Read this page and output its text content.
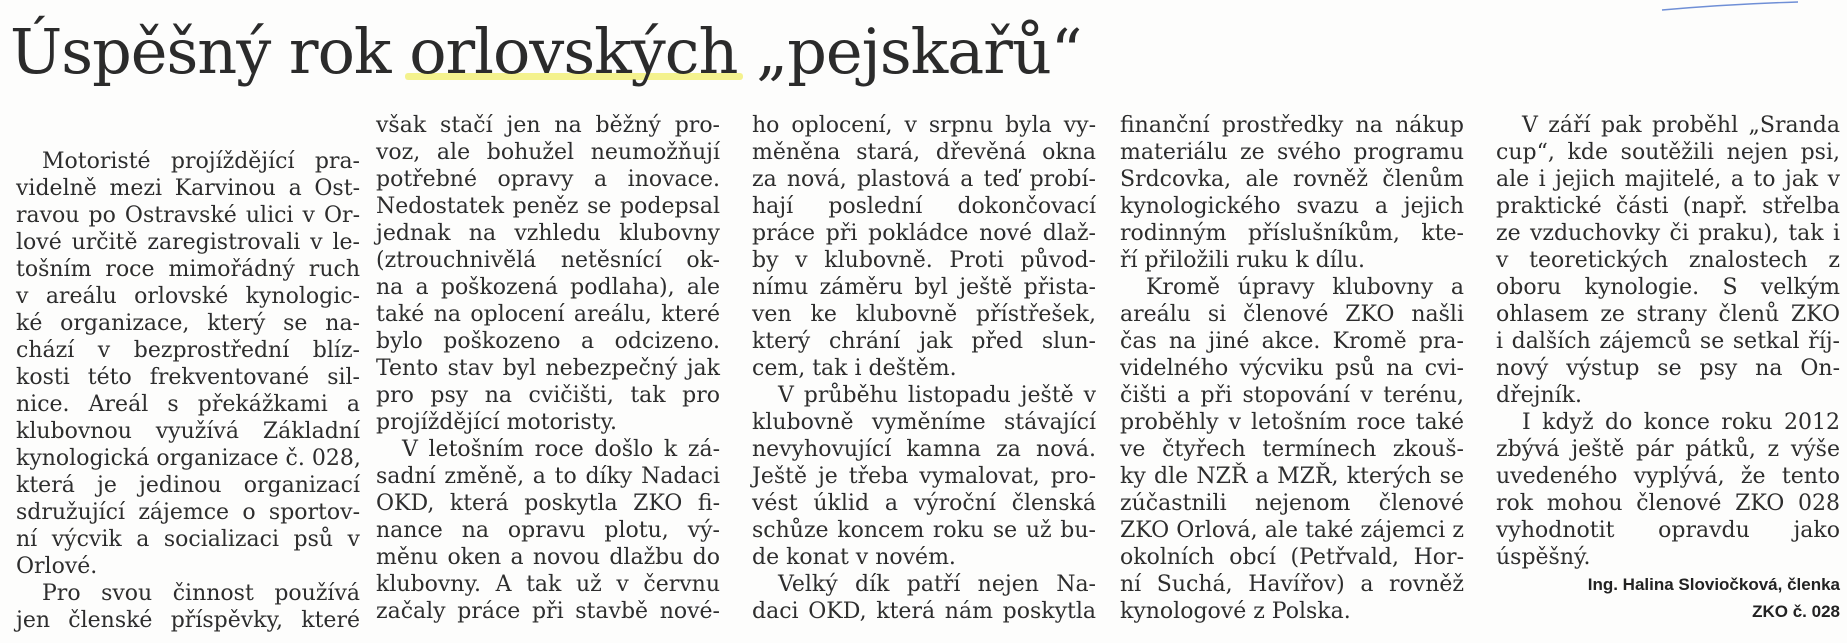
Úspěšný rok orlovských „pejskařů“
Motoristé projíždějící pra-
videlně mezi Karvinou a Ost-
ravou po Ostravské ulici v Or-
lové určitě zaregistrovali v le-
tošním roce mimořádný ruch
v areálu orlovské kynologic-
ké organizace, který se na-
chází v bezprostřední blíz-
kosti této frekventované sil-
nice. Areál s překážkami a
klubovnou využívá Základní
kynologická organizace č. 028,
která je jedinou organizací
sdružující zájemce o sportov-
ní výcvik a socializaci psů v
Orlové.
Pro svou činnost používá
jen členské příspěvky, které
však stačí jen na běžný pro-
voz, ale bohužel neumožňují
potřebné opravy a inovace.
Nedostatek peněz se podepsal
jednak na vzhledu klubovny
(ztrouchnivělá netěsnící ok-
na a poškozená podlaha), ale
také na oplocení areálu, které
bylo poškozeno a odcizeno.
Tento stav byl nebezpečný jak
pro psy na cvičišti, tak pro
projíždějící motoristy.
V letošním roce došlo k zá-
sadní změně, a to díky Nadaci
OKD, která poskytla ZKO fi-
nance na opravu plotu, vý-
měnu oken a novou dlažbu do
klubovny. A tak už v červnu
začaly práce při stavbě nové-
ho oplocení, v srpnu byla vy-
měněna stará, dřevěná okna
za nová, plastová a teď probí-
hají poslední dokončovací
práce při pokládce nové dlaž-
by v klubovně. Proti původ-
nímu záměru byl ještě přista-
ven ke klubovně přístřešek,
který chrání jak před slun-
cem, tak i deštěm.
V průběhu listopadu ještě v
klubovně vyměníme stávající
nevyhovující kamna za nová.
Ještě je třeba vymalovat, pro-
vést úklid a výroční členská
schůze koncem roku se už bu-
de konat v novém.
Velký dík patří nejen Na-
daci OKD, která nám poskytla
finanční prostředky na nákup
materiálu ze svého programu
Srdcovka, ale rovněž členům
kynologického svazu a jejich
rodinným příslušníkům, kte-
ří přiložili ruku k dílu.
Kromě úpravy klubovny a
areálu si členové ZKO našli
čas na jiné akce. Kromě pra-
videlného výcviku psů na cvi-
čišti a při stopování v terénu,
proběhly v letošním roce také
ve čtyřech termínech zkouš-
ky dle NZŘ a MZŘ, kterých se
zúčastnili nejenom členové
ZKO Orlová, ale také zájemci z
okolních obcí (Petřvald, Hor-
ní Suchá, Havířov) a rovněž
kynologové z Polska.
V září pak proběhl „Sranda
cup“, kde soutěžili nejen psi,
ale i jejich majitelé, a to jak v
praktické části (např. střelba
ze vzduchovky či praku), tak i
v teoretických znalostech z
oboru kynologie. S velkým
ohlasem ze strany členů ZKO
i dalších zájemců se setkal říj-
nový výstup se psy na On-
dřejník.
I když do konce roku 2012
zbývá ještě pár pátků, z výše
uvedeného vyplývá, že tento
rok mohou členové ZKO 028
vyhodnotit opravdu jako
úspěšný.
Ing. Halina Sloviočková, členka
ZKO č. 028
